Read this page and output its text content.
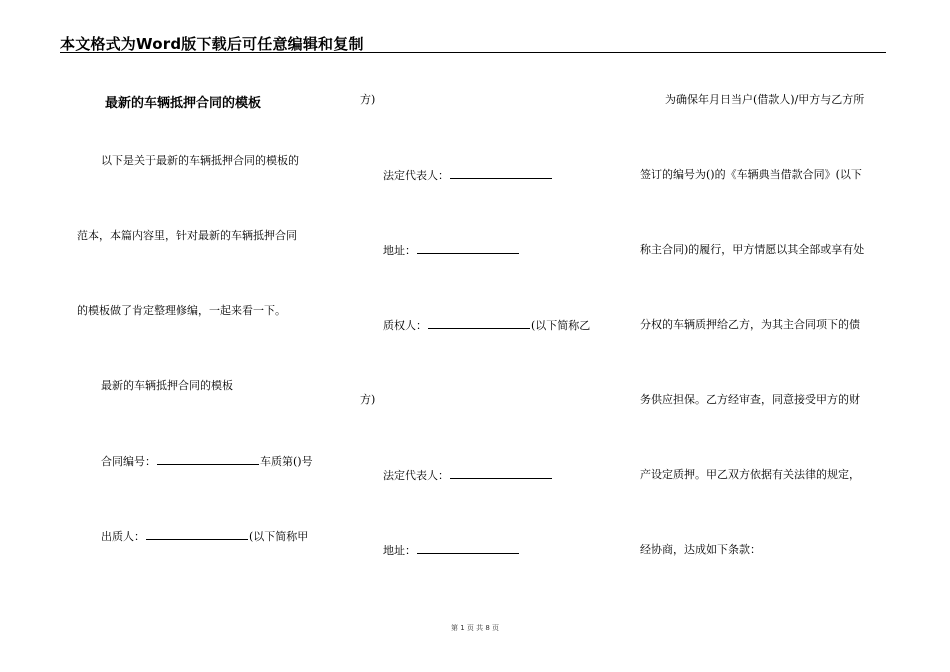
本文格式为Word版下载后可任意编辑和复制
最新的车辆抵押合同的模板
以下是关于最新的车辆抵押合同的模板的
范本，本篇内容里，针对最新的车辆抵押合同
的模板做了肯定整理修编，一起来看一下。
最新的车辆抵押合同的模板
合同编号：	车质第()号
出质人：	(以下简称甲
方)
法定代表人：
地址：
质权人：	(以下简称乙
方)
法定代表人：
地址：
为确保年月日当户(借款人)/甲方与乙方所
签订的编号为()的《车辆典当借款合同》(以下
称主合同)的履行，甲方情愿以其全部或享有处
分权的车辆质押给乙方，为其主合同项下的债
务供应担保。乙方经审查，同意接受甲方的财
产设定质押。甲乙双方依据有关法律的规定，
经协商，达成如下条款：
第 1 页 共 8 页
